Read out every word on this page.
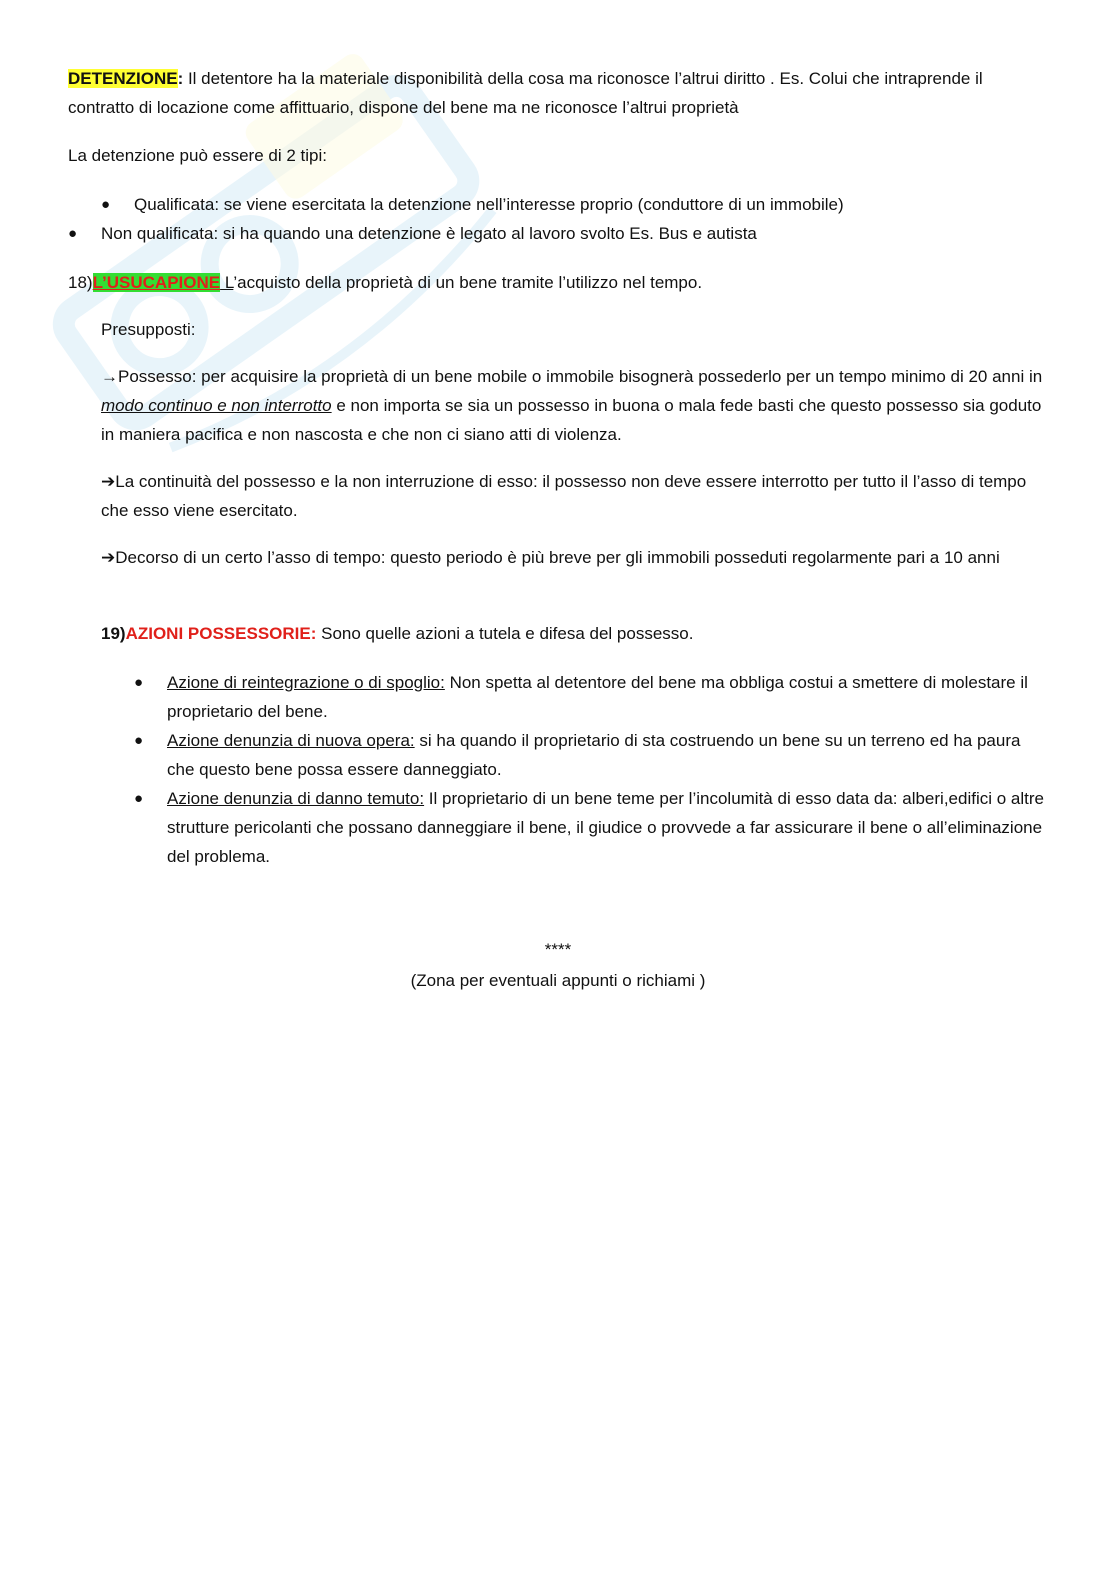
DETENZIONE: Il detentore ha la materiale disponibilità della cosa ma riconosce l’altrui diritto . Es. Colui che intraprende il contratto di locazione come affittuario, dispone del bene ma ne riconosce l’altrui proprietà

La detenzione può essere di 2 tipi:

● Qualificata: se viene esercitata la detenzione nell’interesse proprio (conduttore di un immobile)
● Non qualificata: si ha quando una detenzione è legato al lavoro svolto Es. Bus e autista

18)L’USUCAPIONE L’acquisto della proprietà di un bene tramite l’utilizzo nel tempo.

Presupposti:

→Possesso: per acquisire la proprietà di un bene mobile o immobile bisognerà possederlo per un tempo minimo di 20 anni in modo continuo e non interrotto e non importa se sia un possesso in buona o mala fede basti che questo possesso sia goduto in maniera pacifica e non nascosta e che non ci siano atti di violenza.

➔La continuità del possesso e la non interruzione di esso: il possesso non deve essere interrotto per tutto il l’asso di tempo che esso viene esercitato.

➔Decorso di un certo l’asso di tempo: questo periodo è più breve per gli immobili posseduti regolarmente pari a 10 anni

19)AZIONI POSSESSORIE: Sono quelle azioni a tutela e difesa del possesso.

● Azione di reintegrazione o di spoglio: Non spetta al detentore del bene ma obbliga costui a smettere di molestare il proprietario del bene.
● Azione denunzia di nuova opera: si ha quando il proprietario di sta costruendo un bene su un terreno ed ha paura che questo bene possa essere danneggiato.
● Azione denunzia di danno temuto: Il proprietario di un bene teme per l’incolumità di esso data da: alberi,edifici o altre strutture pericolanti che possano danneggiare il bene, il giudice o provvede a far assicurare il bene o all’eliminazione del problema.

****

(Zona per eventuali appunti o richiami )
